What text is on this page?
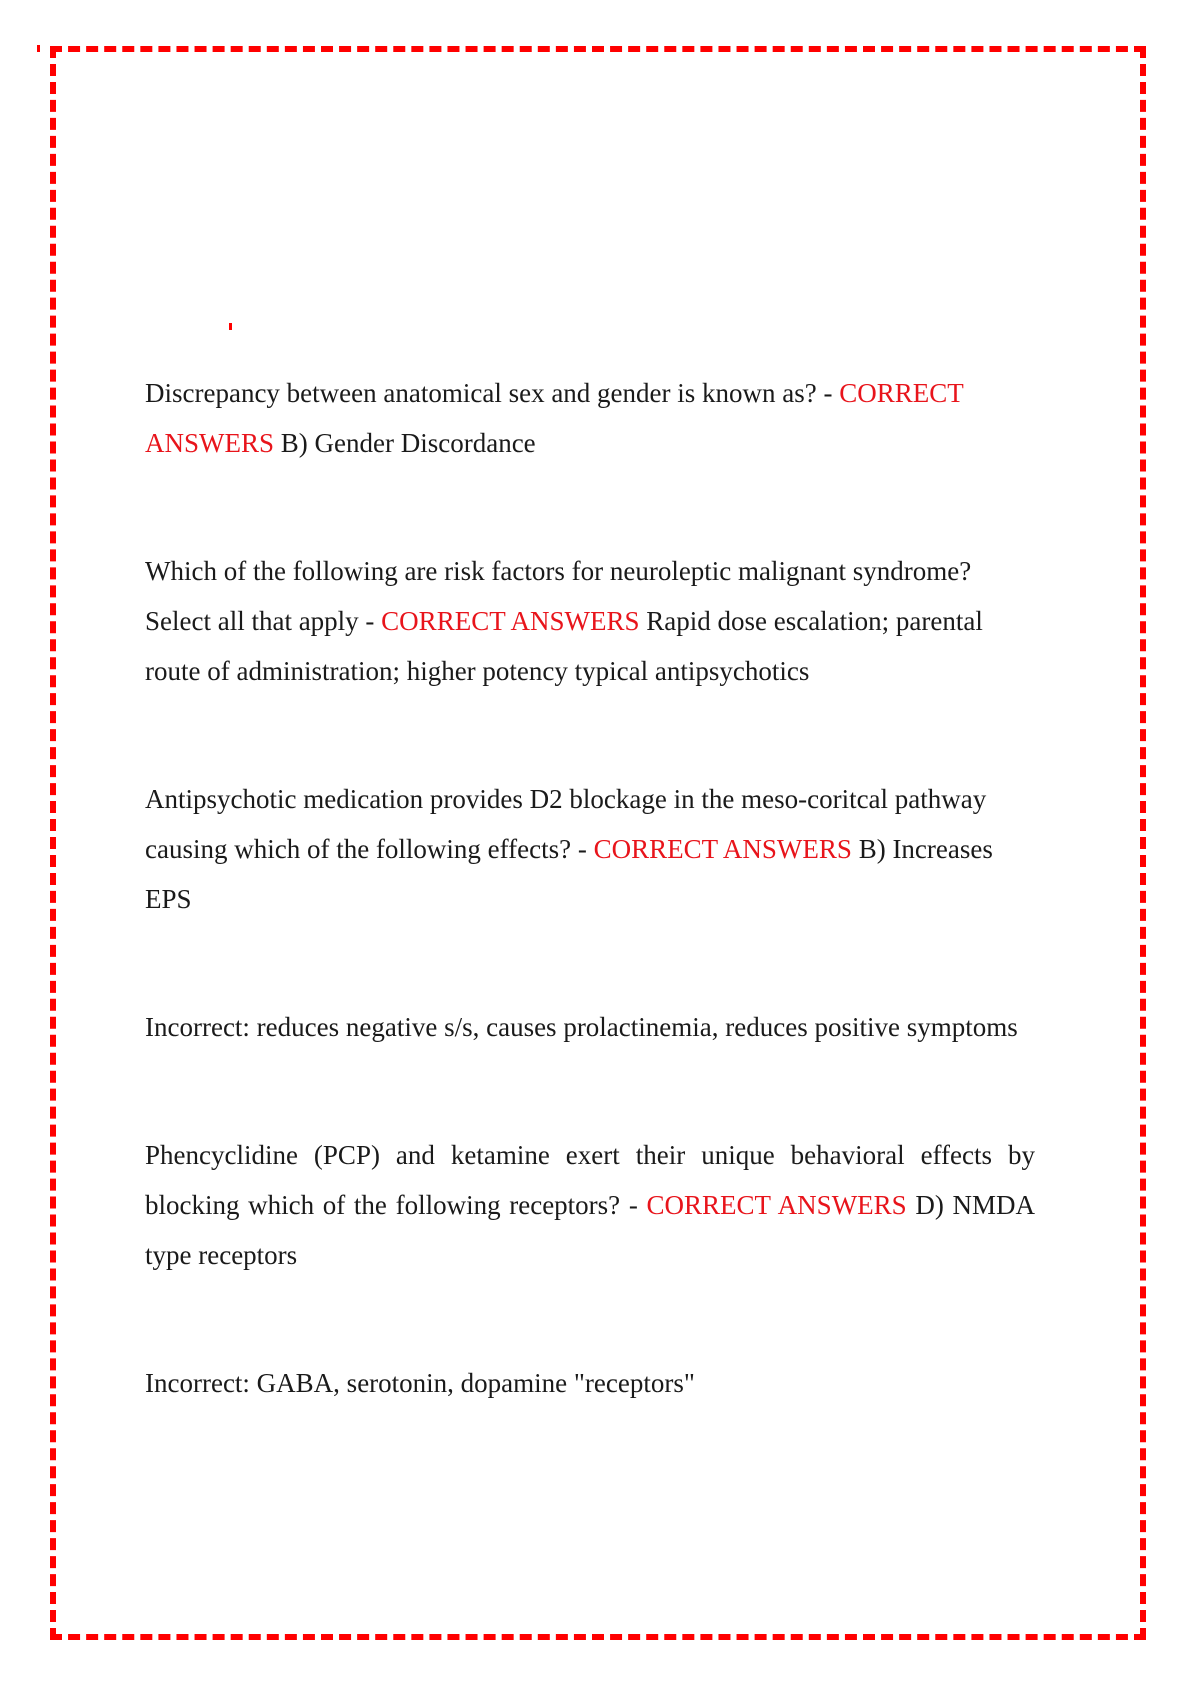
Discrepancy between anatomical sex and gender is known as? - CORRECT ANSWERS B) Gender Discordance

Which of the following are risk factors for neuroleptic malignant syndrome? Select all that apply - CORRECT ANSWERS Rapid dose escalation; parental route of administration; higher potency typical antipsychotics

Antipsychotic medication provides D2 blockage in the meso-coritcal pathway causing which of the following effects? - CORRECT ANSWERS B) Increases EPS

Incorrect: reduces negative s/s, causes prolactinemia, reduces positive symptoms

Phencyclidine (PCP) and ketamine exert their unique behavioral effects by blocking which of the following receptors? - CORRECT ANSWERS D) NMDA type receptors

Incorrect: GABA, serotonin, dopamine "receptors"
